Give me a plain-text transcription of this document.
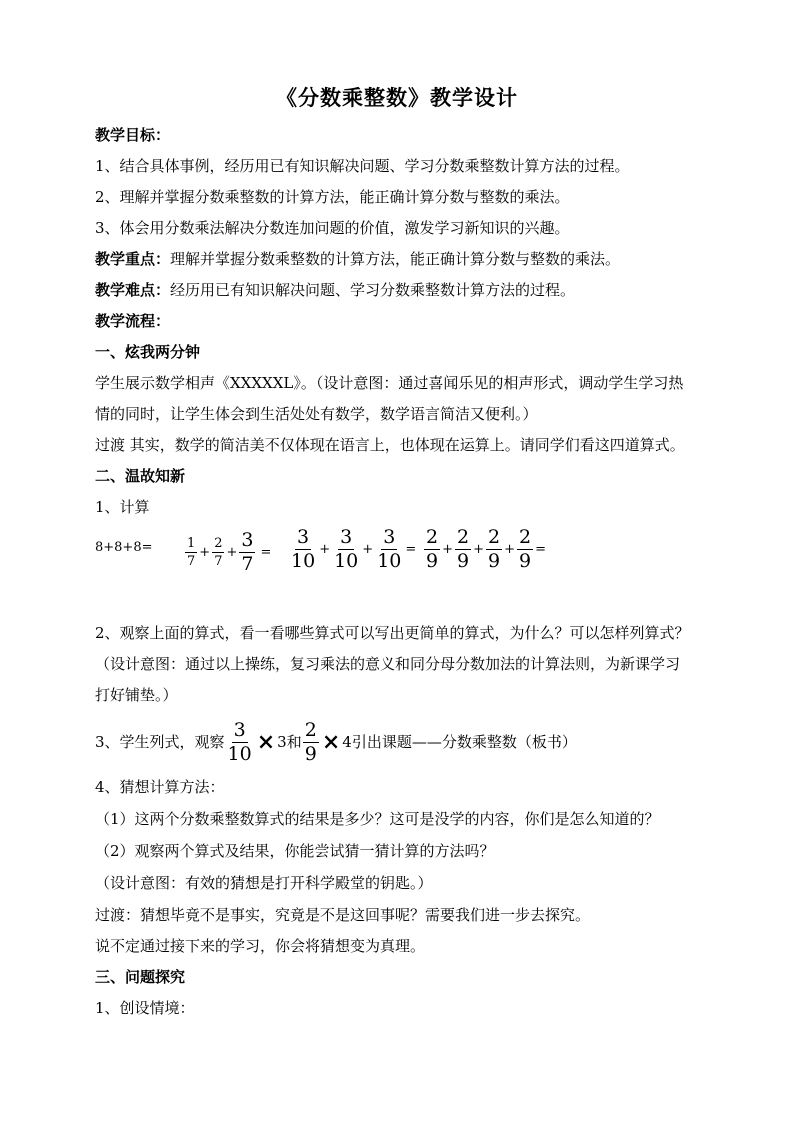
《分数乘整数》教学设计
教学目标：
1、结合具体事例，经历用已有知识解决问题、学习分数乘整数计算方法的过程。
2、理解并掌握分数乘整数的计算方法，能正确计算分数与整数的乘法。
3、体会用分数乘法解决分数连加问题的价值，激发学习新知识的兴趣。
教学重点：理解并掌握分数乘整数的计算方法，能正确计算分数与整数的乘法。
教学难点：经历用已有知识解决问题、学习分数乘整数计算方法的过程。
教学流程：
一、炫我两分钟
学生展示数学相声《XXXXXL》。（设计意图：通过喜闻乐见的相声形式，调动学生学习热
情的同时，让学生体会到生活处处有数学，数学语言简洁又便利。）
过渡 其实，数学的简洁美不仅体现在语言上，也体现在运算上。请同学们看这四道算式。
二、温故知新
1、计算
8+8+8=	$\frac{1}{7} + \frac{2}{7} + \frac{3}{7} = \frac{3}{10} + \frac{3}{10} + \frac{3}{10} = \frac{2}{9} + \frac{2}{9} + \frac{2}{9} + \frac{2}{9}$ =
2、观察上面的算式，看一看哪些算式可以写出更简单的算式，为什么？可以怎样列算式？
（设计意图：通过以上操练，复习乘法的意义和同分母分数加法的计算法则，为新课学习
打好铺垫。）
3、学生列式，观察 $\frac{3}{10} \times 3$ 和 $\frac{2}{9} \times 4$ 引出课题——分数乘整数（板书）
4、猜想计算方法：
（1）这两个分数乘整数算式的结果是多少？这可是没学的内容，你们是怎么知道的？
（2）观察两个算式及结果，你能尝试猜一猜计算的方法吗？
（设计意图：有效的猜想是打开科学殿堂的钥匙。）
过渡：猜想毕竟不是事实，究竟是不是这回事呢？需要我们进一步去探究。
说不定通过接下来的学习，你会将猜想变为真理。
三、问题探究
1、创设情境：
